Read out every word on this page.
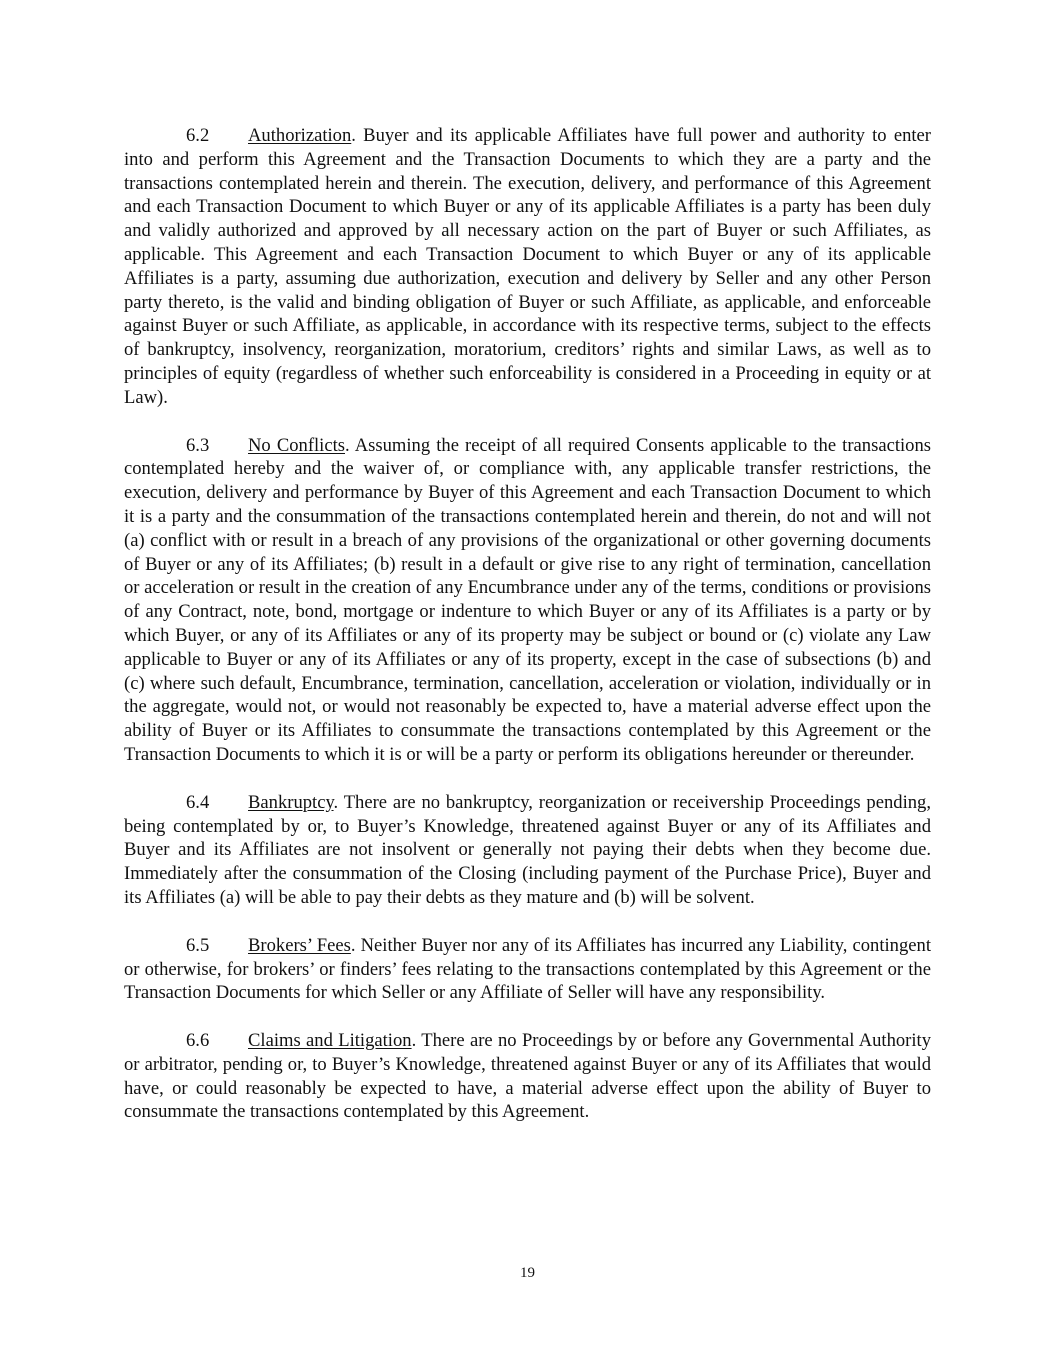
6.2 Authorization. Buyer and its applicable Affiliates have full power and authority to enter into and perform this Agreement and the Transaction Documents to which they are a party and the transactions contemplated herein and therein. The execution, delivery, and performance of this Agreement and each Transaction Document to which Buyer or any of its applicable Affiliates is a party has been duly and validly authorized and approved by all necessary action on the part of Buyer or such Affiliates, as applicable. This Agreement and each Transaction Document to which Buyer or any of its applicable Affiliates is a party, assuming due authorization, execution and delivery by Seller and any other Person party thereto, is the valid and binding obligation of Buyer or such Affiliate, as applicable, and enforceable against Buyer or such Affiliate, as applicable, in accordance with its respective terms, subject to the effects of bankruptcy, insolvency, reorganization, moratorium, creditors’ rights and similar Laws, as well as to principles of equity (regardless of whether such enforceability is considered in a Proceeding in equity or at Law).

6.3 No Conflicts. Assuming the receipt of all required Consents applicable to the transactions contemplated hereby and the waiver of, or compliance with, any applicable transfer restrictions, the execution, delivery and performance by Buyer of this Agreement and each Transaction Document to which it is a party and the consummation of the transactions contemplated herein and therein, do not and will not (a) conflict with or result in a breach of any provisions of the organizational or other governing documents of Buyer or any of its Affiliates; (b) result in a default or give rise to any right of termination, cancellation or acceleration or result in the creation of any Encumbrance under any of the terms, conditions or provisions of any Contract, note, bond, mortgage or indenture to which Buyer or any of its Affiliates is a party or by which Buyer, or any of its Affiliates or any of its property may be subject or bound or (c) violate any Law applicable to Buyer or any of its Affiliates or any of its property, except in the case of subsections (b) and (c) where such default, Encumbrance, termination, cancellation, acceleration or violation, individually or in the aggregate, would not, or would not reasonably be expected to, have a material adverse effect upon the ability of Buyer or its Affiliates to consummate the transactions contemplated by this Agreement or the Transaction Documents to which it is or will be a party or perform its obligations hereunder or thereunder.

6.4 Bankruptcy. There are no bankruptcy, reorganization or receivership Proceedings pending, being contemplated by or, to Buyer’s Knowledge, threatened against Buyer or any of its Affiliates and Buyer and its Affiliates are not insolvent or generally not paying their debts when they become due. Immediately after the consummation of the Closing (including payment of the Purchase Price), Buyer and its Affiliates (a) will be able to pay their debts as they mature and (b) will be solvent.

6.5 Brokers’ Fees. Neither Buyer nor any of its Affiliates has incurred any Liability, contingent or otherwise, for brokers’ or finders’ fees relating to the transactions contemplated by this Agreement or the Transaction Documents for which Seller or any Affiliate of Seller will have any responsibility.

6.6 Claims and Litigation. There are no Proceedings by or before any Governmental Authority or arbitrator, pending or, to Buyer’s Knowledge, threatened against Buyer or any of its Affiliates that would have, or could reasonably be expected to have, a material adverse effect upon the ability of Buyer to consummate the transactions contemplated by this Agreement.

19
